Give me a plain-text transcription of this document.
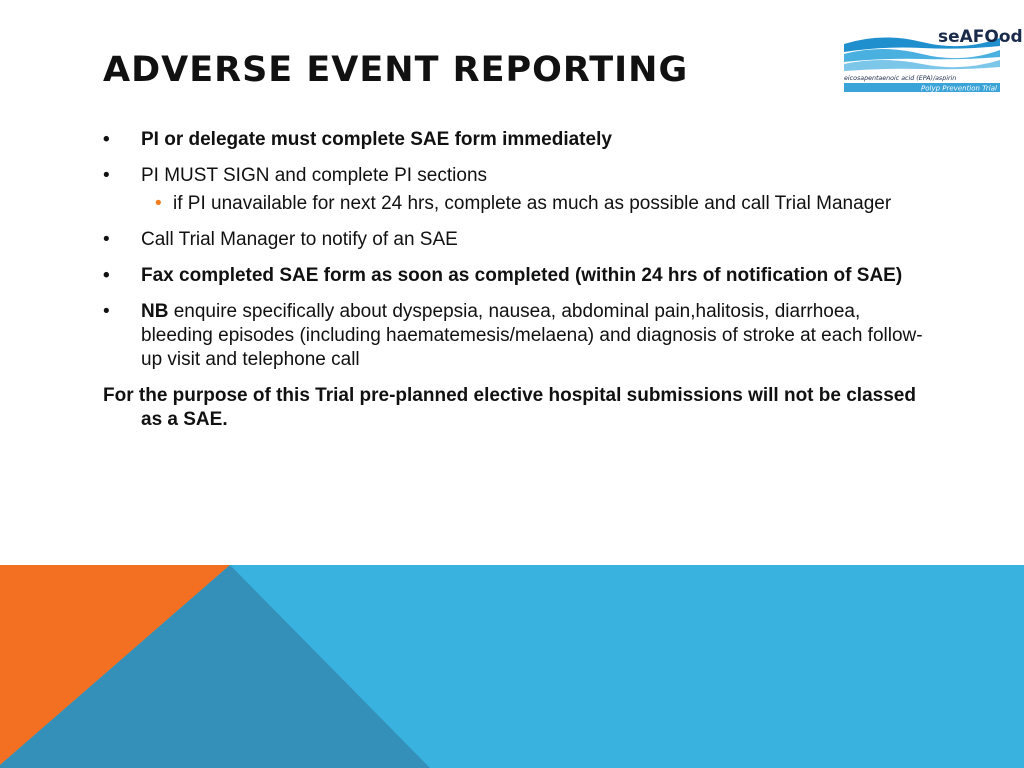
ADVERSE EVENT REPORTING
seAFOod
eicosapentaenoic acid (EPA)/aspirin
Polyp Prevention Trial
• PI or delegate must complete SAE form immediately
• PI MUST SIGN and complete PI sections
• if PI unavailable for next 24 hrs, complete as much as possible and call Trial Manager
• Call Trial Manager to notify of an SAE
• Fax completed SAE form as soon as completed (within 24 hrs of notification of SAE)
• NB enquire specifically about dyspepsia, nausea, abdominal pain,halitosis, diarrhoea, bleeding episodes (including haematemesis/melaena) and diagnosis of stroke at each follow-up visit and telephone call
For the purpose of this Trial pre-planned elective hospital submissions will not be classed as a SAE.
